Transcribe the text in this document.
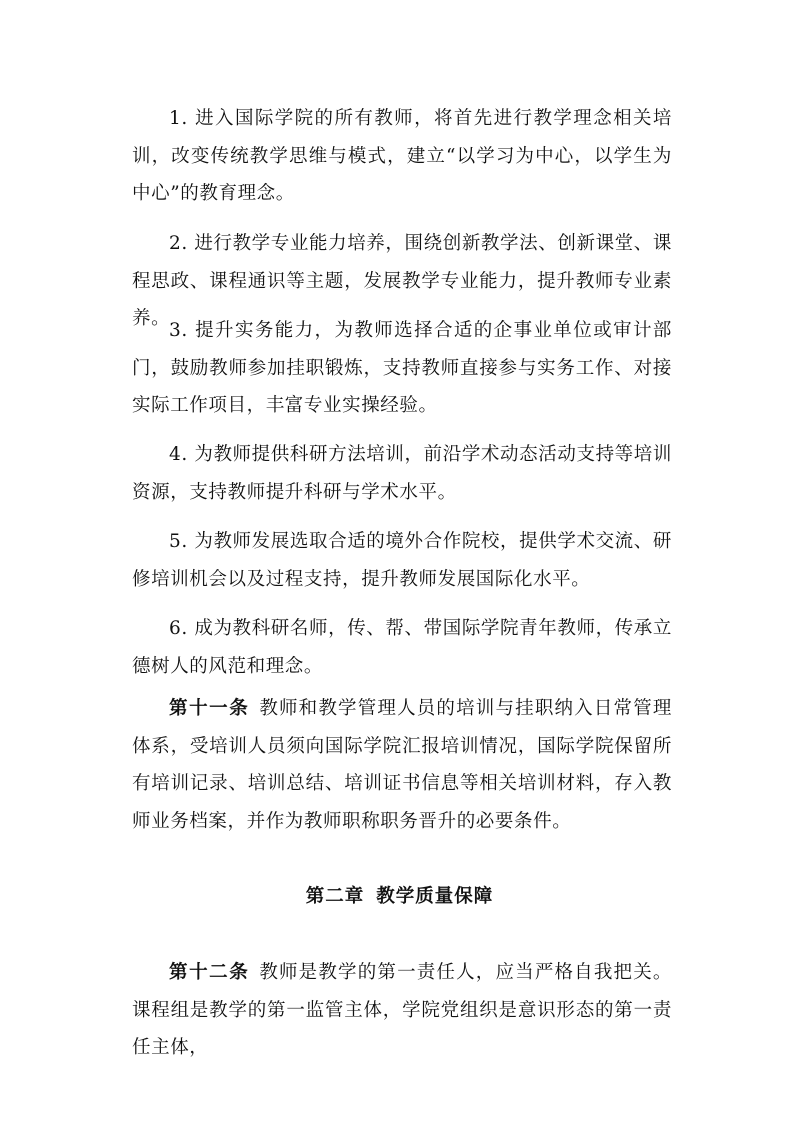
1. 进入国际学院的所有教师，将首先进行教学理念相关培训，改变传统教学思维与模式，建立“以学习为中心，以学生为中心”的教育理念。

2. 进行教学专业能力培养，围绕创新教学法、创新课堂、课程思政、课程通识等主题，发展教学专业能力，提升教师专业素养。

3. 提升实务能力，为教师选择合适的企事业单位或审计部门，鼓励教师参加挂职锻炼，支持教师直接参与实务工作、对接实际工作项目，丰富专业实操经验。

4. 为教师提供科研方法培训，前沿学术动态活动支持等培训资源，支持教师提升科研与学术水平。

5. 为教师发展选取合适的境外合作院校，提供学术交流、研修培训机会以及过程支持，提升教师发展国际化水平。

6. 成为教科研名师，传、帮、带国际学院青年教师，传承立德树人的风范和理念。

第十一条 教师和教学管理人员的培训与挂职纳入日常管理体系，受培训人员须向国际学院汇报培训情况，国际学院保留所有培训记录、培训总结、培训证书信息等相关培训材料，存入教师业务档案，并作为教师职称职务晋升的必要条件。

第二章 教学质量保障

第十二条 教师是教学的第一责任人，应当严格自我把关。课程组是教学的第一监管主体，学院党组织是意识形态的第一责任主体，
